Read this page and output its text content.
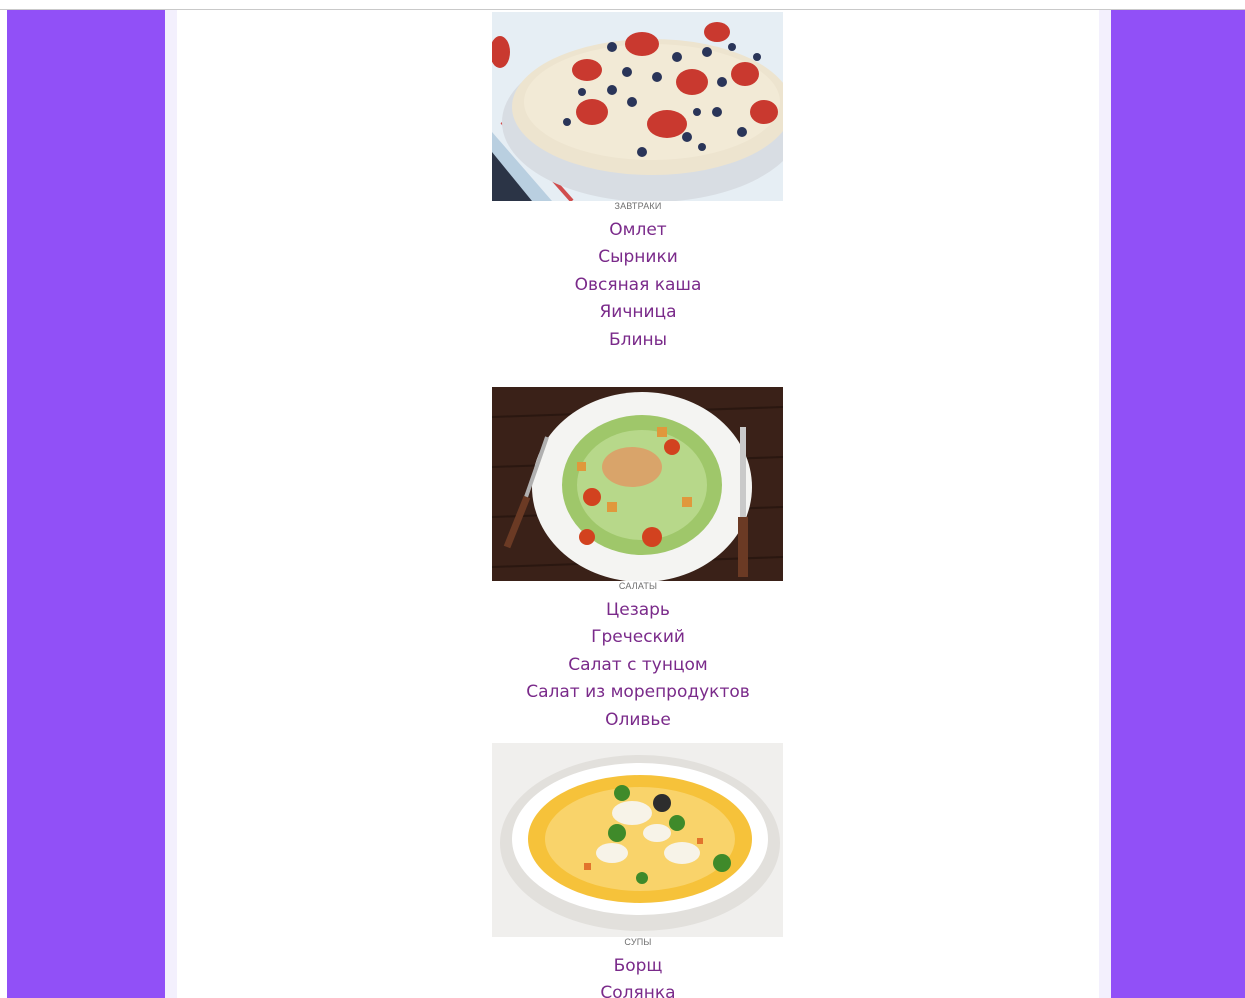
ЗАВТРАКИ
Омлет
Сырники
Овсяная каша
Яичница
Блины
САЛАТЫ
Цезарь
Греческий
Салат с тунцом
Салат из морепродуктов
Оливье
СУПЫ
Борщ
Солянка
